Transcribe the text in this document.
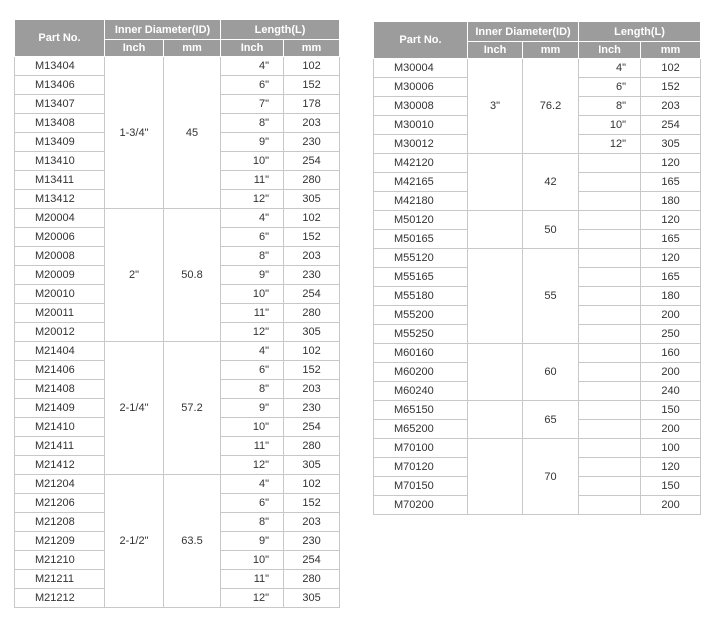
Part No.	Inner Diameter(ID)		Length(L)	
	Inch	mm	Inch	mm
M13404	1-3/4"	45	4"	102
M13406			6"	152
M13407			7"	178
M13408			8"	203
M13409			9"	230
M13410			10"	254
M13411			11"	280
M13412			12"	305
M20004	2"	50.8	4"	102
M20006			6"	152
M20008			8"	203
M20009			9"	230
M20010			10"	254
M20011			11"	280
M20012			12"	305
M21404	2-1/4"	57.2	4"	102
M21406			6"	152
M21408			8"	203
M21409			9"	230
M21410			10"	254
M21411			11"	280
M21412			12"	305
M21204	2-1/2"	63.5	4"	102
M21206			6"	152
M21208			8"	203
M21209			9"	230
M21210			10"	254
M21211			11"	280
M21212			12"	305
Part No.	Inner Diameter(ID)		Length(L)	
	Inch	mm	Inch	mm
M30004	3"	76.2	4"	102
M30006			6"	152
M30008			8"	203
M30010			10"	254
M30012			12"	305
M42120		42		120
M42165				165
M42180				180
M50120		50		120
M50165				165
M55120		55		120
M55165				165
M55180				180
M55200				200
M55250				250
M60160		60		160
M60200				200
M60240				240
M65150		65		150
M65200				200
M70100		70		100
M70120				120
M70150				150
M70200				200
